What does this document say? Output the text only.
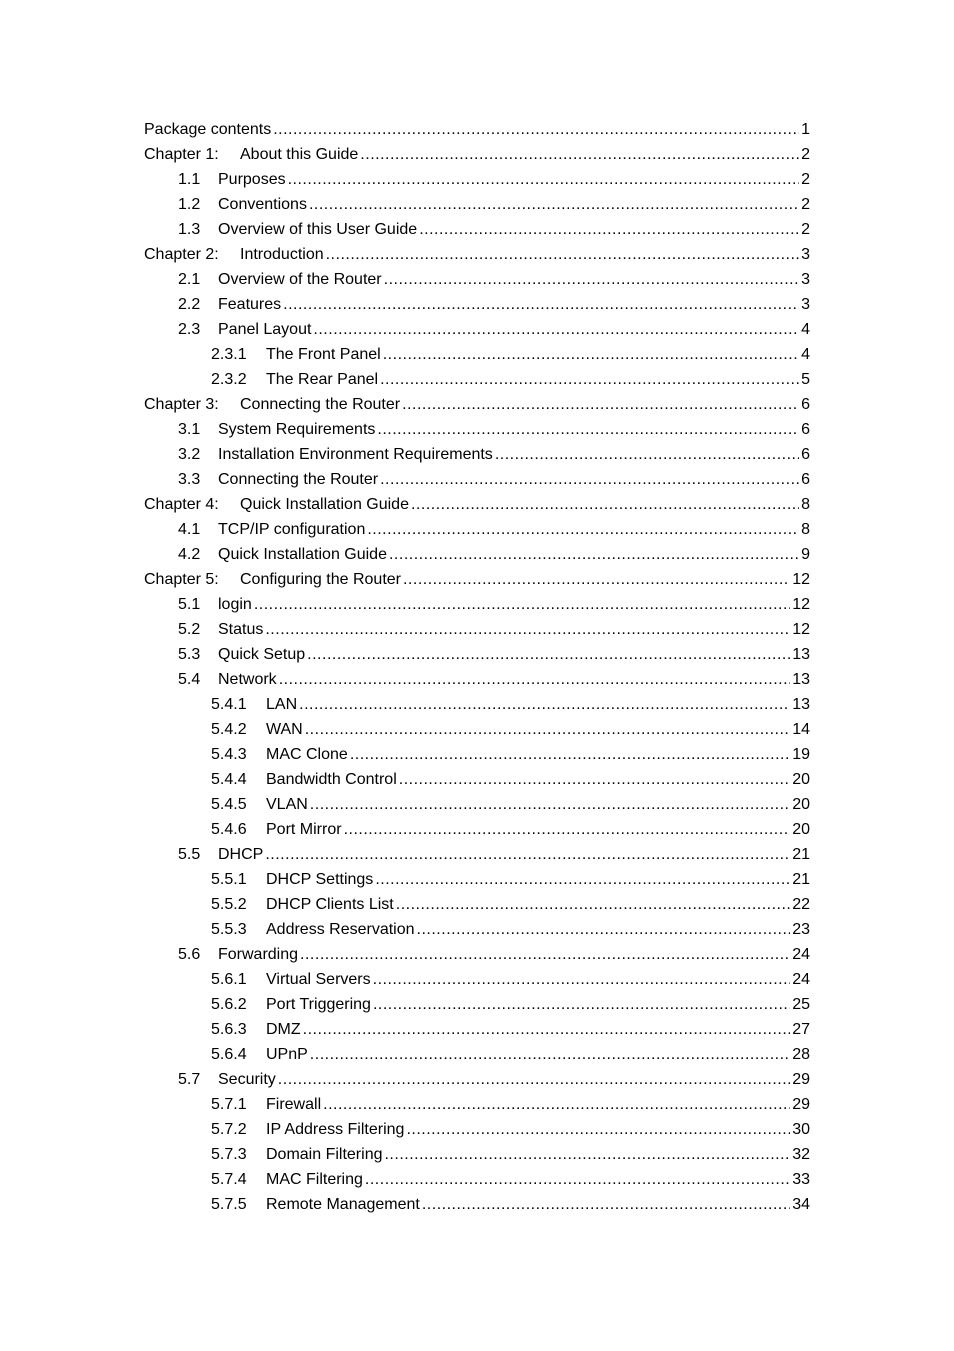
Package contents .....	1
Chapter 1:	About this Guide .....	2
1.1	Purposes .....	2
1.2	Conventions .....	2
1.3	Overview of this User Guide .....	2
Chapter 2:	Introduction .....	3
2.1	Overview of the Router .....	3
2.2	Features .....	3
2.3	Panel Layout .....	4
2.3.1	The Front Panel .....	4
2.3.2	The Rear Panel .....	5
Chapter 3:	Connecting the Router .....	6
3.1	System Requirements .....	6
3.2	Installation Environment Requirements .....	6
3.3	Connecting the Router .....	6
Chapter 4:	Quick Installation Guide .....	8
4.1	TCP/IP configuration .....	8
4.2	Quick Installation Guide .....	9
Chapter 5:	Configuring the Router .....	12
5.1	login .....	12
5.2	Status .....	12
5.3	Quick Setup .....	13
5.4	Network .....	13
5.4.1	LAN .....	13
5.4.2	WAN .....	14
5.4.3	MAC Clone .....	19
5.4.4	Bandwidth Control .....	20
5.4.5	VLAN .....	20
5.4.6	Port Mirror .....	20
5.5	DHCP .....	21
5.5.1	DHCP Settings .....	21
5.5.2	DHCP Clients List .....	22
5.5.3	Address Reservation .....	23
5.6	Forwarding .....	24
5.6.1	Virtual Servers .....	24
5.6.2	Port Triggering .....	25
5.6.3	DMZ .....	27
5.6.4	UPnP .....	28
5.7	Security .....	29
5.7.1	Firewall .....	29
5.7.2	IP Address Filtering .....	30
5.7.3	Domain Filtering .....	32
5.7.4	MAC Filtering .....	33
5.7.5	Remote Management .....	34
